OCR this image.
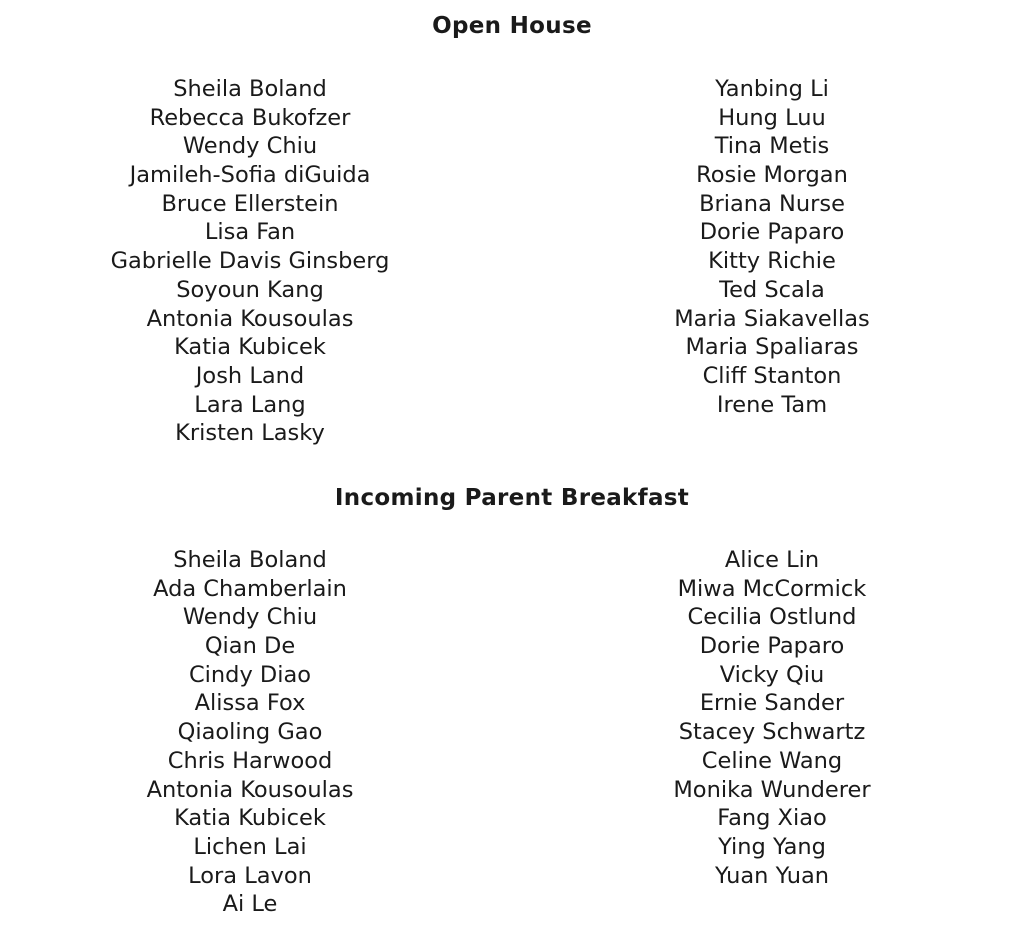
Open House
Sheila Boland
Rebecca Bukofzer
Wendy Chiu
Jamileh-Sofia diGuida
Bruce Ellerstein
Lisa Fan
Gabrielle Davis Ginsberg
Soyoun Kang
Antonia Kousoulas
Katia Kubicek
Josh Land
Lara Lang
Kristen Lasky
Yanbing Li
Hung Luu
Tina Metis
Rosie Morgan
Briana Nurse
Dorie Paparo
Kitty Richie
Ted Scala
Maria Siakavellas
Maria Spaliaras
Cliff Stanton
Irene Tam
Incoming Parent Breakfast
Sheila Boland
Ada Chamberlain
Wendy Chiu
Qian De
Cindy Diao
Alissa Fox
Qiaoling Gao
Chris Harwood
Antonia Kousoulas
Katia Kubicek
Lichen Lai
Lora Lavon
Ai Le
Alice Lin
Miwa McCormick
Cecilia Ostlund
Dorie Paparo
Vicky Qiu
Ernie Sander
Stacey Schwartz
Celine Wang
Monika Wunderer
Fang Xiao
Ying Yang
Yuan Yuan
